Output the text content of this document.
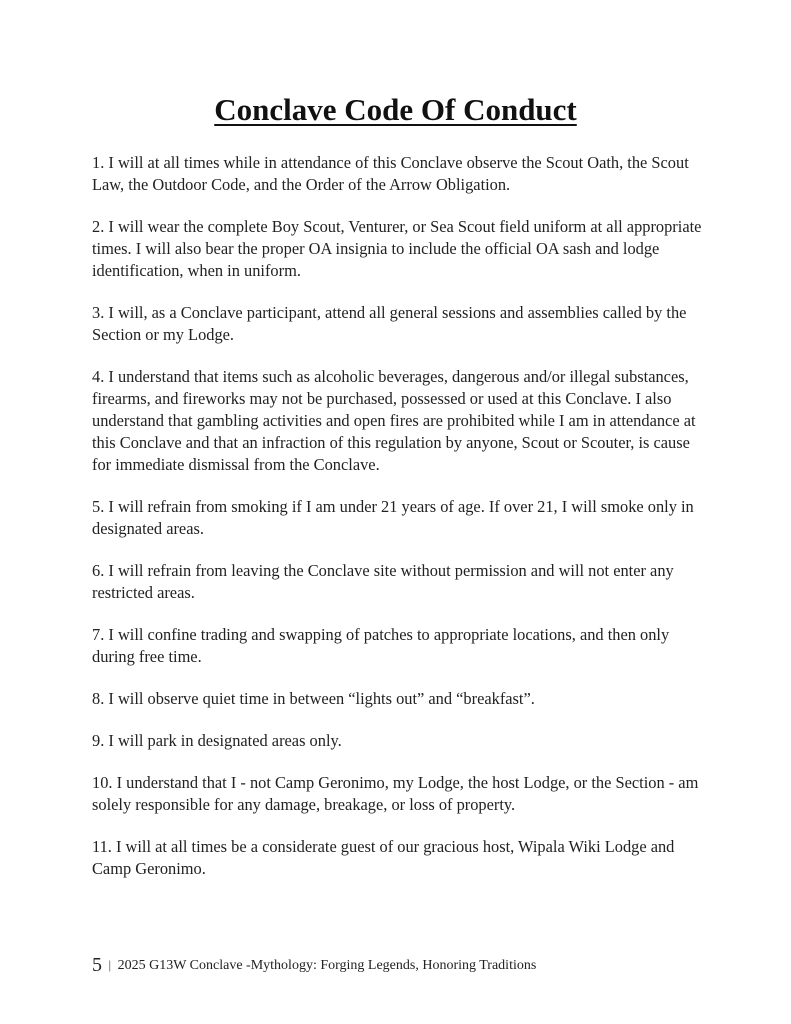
Conclave Code Of Conduct

1. I will at all times while in attendance of this Conclave observe the Scout Oath, the Scout Law, the Outdoor Code, and the Order of the Arrow Obligation.

2. I will wear the complete Boy Scout, Venturer, or Sea Scout field uniform at all appropriate times. I will also bear the proper OA insignia to include the official OA sash and lodge identification, when in uniform.

3. I will, as a Conclave participant, attend all general sessions and assemblies called by the Section or my Lodge.

4. I understand that items such as alcoholic beverages, dangerous and/or illegal substances, firearms, and fireworks may not be purchased, possessed or used at this Conclave. I also understand that gambling activities and open fires are prohibited while I am in attendance at this Conclave and that an infraction of this regulation by anyone, Scout or Scouter, is cause for immediate dismissal from the Conclave.

5. I will refrain from smoking if I am under 21 years of age. If over 21, I will smoke only in designated areas.

6. I will refrain from leaving the Conclave site without permission and will not enter any restricted areas.

7. I will confine trading and swapping of patches to appropriate locations, and then only during free time.

8. I will observe quiet time in between “lights out” and “breakfast”.

9. I will park in designated areas only.

10. I understand that I - not Camp Geronimo, my Lodge, the host Lodge, or the Section - am solely responsible for any damage, breakage, or loss of property.

11. I will at all times be a considerate guest of our gracious host, Wipala Wiki Lodge and Camp Geronimo.

5 | 2025 G13W Conclave -Mythology: Forging Legends, Honoring Traditions
